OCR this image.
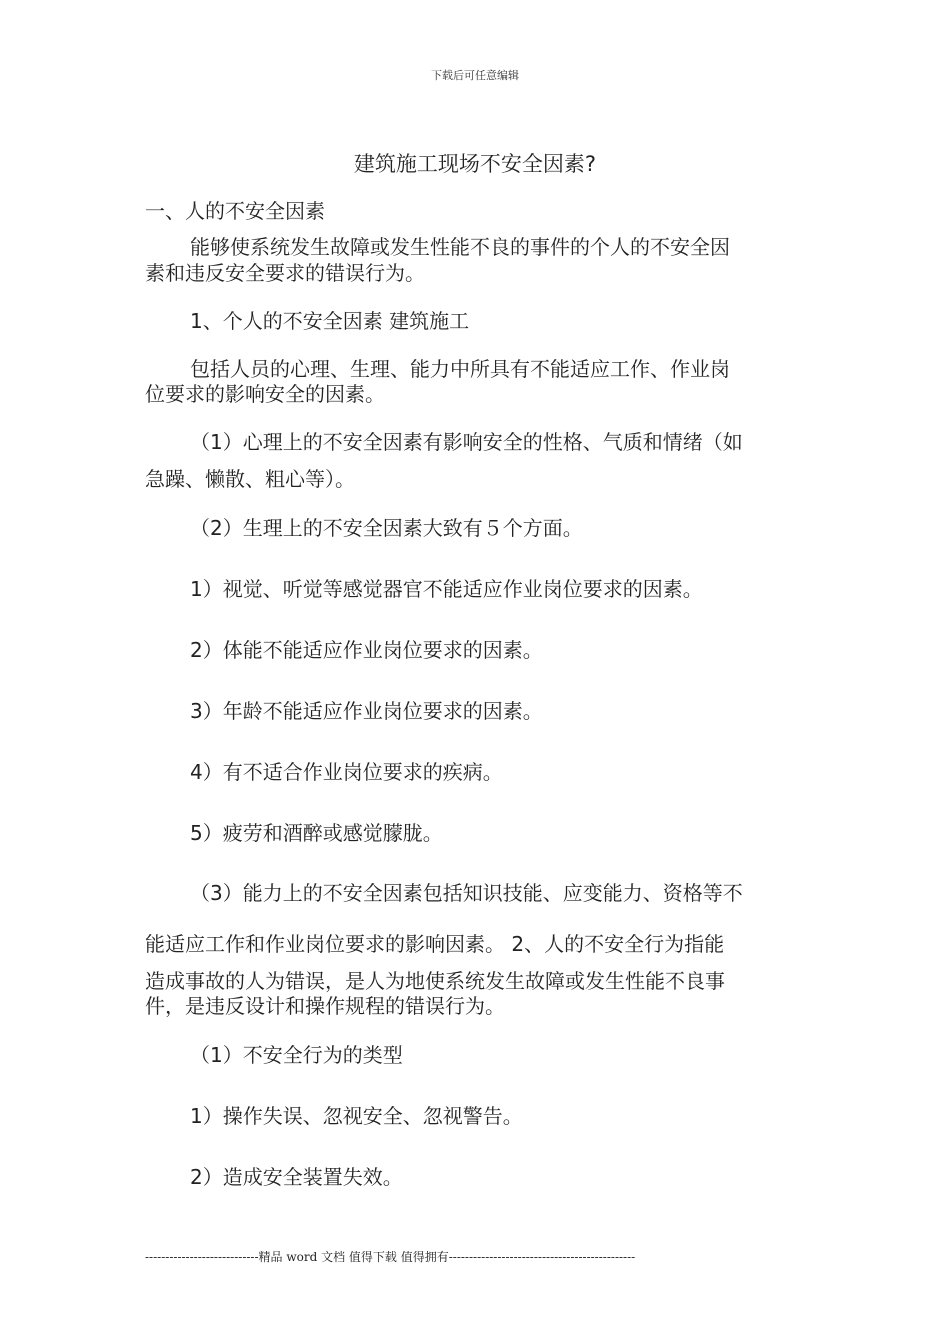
下载后可任意编辑
建筑施工现场不安全因素?
一、人的不安全因素
能够使系统发生故障或发生性能不良的事件的个人的不安全因
素和违反安全要求的错误行为。
1、个人的不安全因素 建筑施工
包括人员的心理、生理、能力中所具有不能适应工作、作业岗
位要求的影响安全的因素。
（1）心理上的不安全因素有影响安全的性格、气质和情绪（如
急躁、懒散、粗心等）。
（2）生理上的不安全因素大致有５个方面。
1）视觉、听觉等感觉器官不能适应作业岗位要求的因素。
2）体能不能适应作业岗位要求的因素。
3）年龄不能适应作业岗位要求的因素。
4）有不适合作业岗位要求的疾病。
5）疲劳和酒醉或感觉朦胧。
（3）能力上的不安全因素包括知识技能、应变能力、资格等不
能适应工作和作业岗位要求的影响因素。 2、人的不安全行为指能
造成事故的人为错误，是人为地使系统发生故障或发生性能不良事
件，是违反设计和操作规程的错误行为。
（1）不安全行为的类型
1）操作失误、忽视安全、忽视警告。
2）造成安全装置失效。
----------------------------精品 word 文档 值得下载 值得拥有----------------------------------------------
